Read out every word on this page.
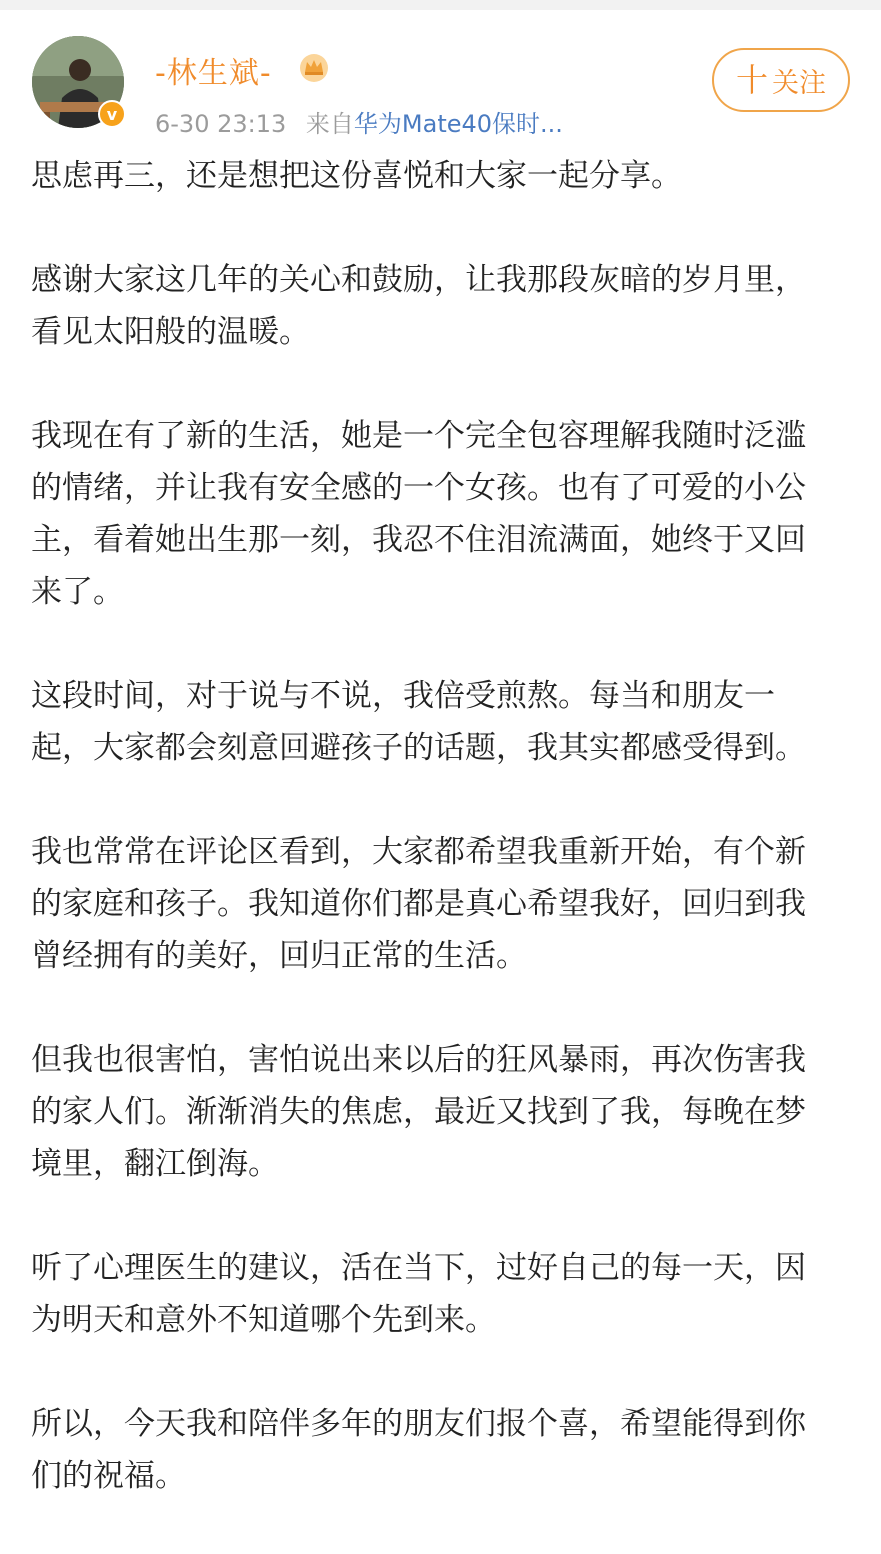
v
-林生斌-
6-30 23:13 来自华为Mate40保时...
十 关注

思虑再三，还是想把这份喜悦和大家一起分享。

感谢大家这几年的关心和鼓励，让我那段灰暗的岁月里，看见太阳般的温暖。

我现在有了新的生活，她是一个完全包容理解我随时泛滥的情绪，并让我有安全感的一个女孩。也有了可爱的小公主，看着她出生那一刻，我忍不住泪流满面，她终于又回来了。

这段时间，对于说与不说，我倍受煎熬。每当和朋友一起，大家都会刻意回避孩子的话题，我其实都感受得到。

我也常常在评论区看到，大家都希望我重新开始，有个新的家庭和孩子。我知道你们都是真心希望我好，回归到我曾经拥有的美好，回归正常的生活。

但我也很害怕，害怕说出来以后的狂风暴雨，再次伤害我的家人们。渐渐消失的焦虑，最近又找到了我，每晚在梦境里，翻江倒海。

听了心理医生的建议，活在当下，过好自己的每一天，因为明天和意外不知道哪个先到来。

所以，今天我和陪伴多年的朋友们报个喜，希望能得到你们的祝福。
